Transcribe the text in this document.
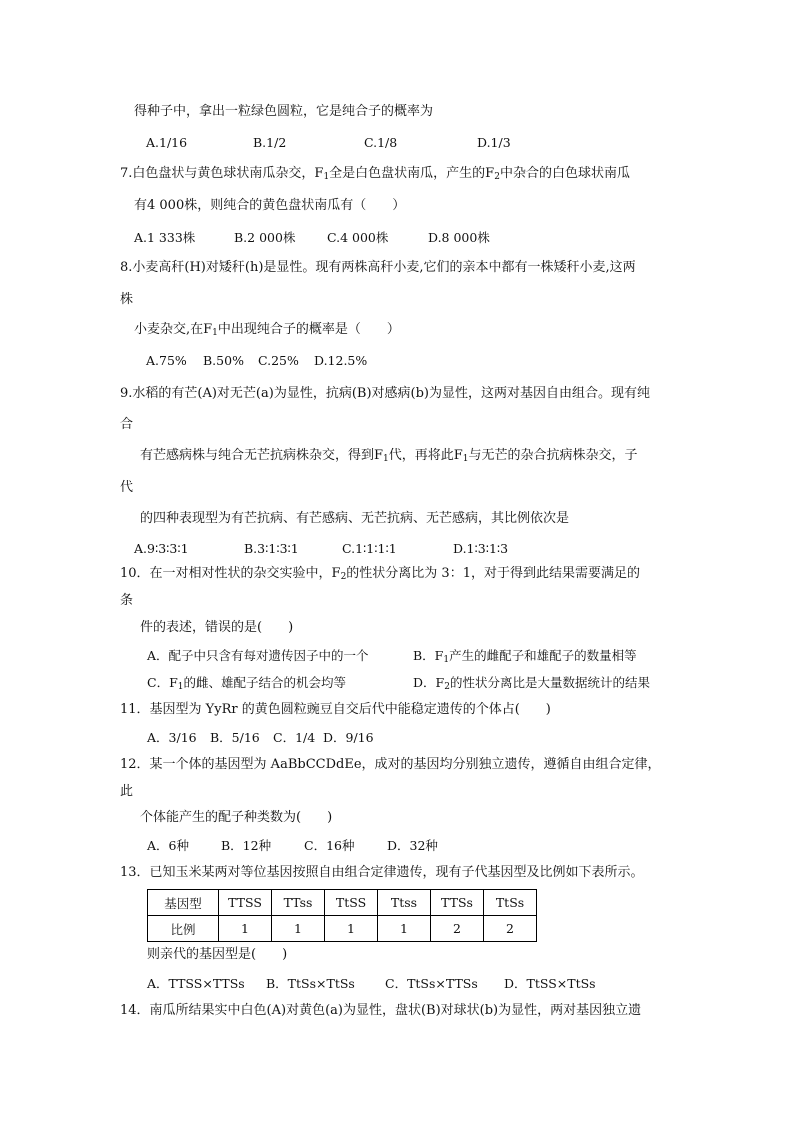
得种子中，拿出一粒绿色圆粒，它是纯合子的概率为
A.1/16	B.1/2	C.1/8	D.1/3
7.白色盘状与黄色球状南瓜杂交，$F_1$全是白色盘状南瓜，产生的$F_2$中杂合的白色球状南瓜
有4 000株，则纯合的黄色盘状南瓜有（　　）
A.1 333株	B.2 000株	C.4 000株	D.8 000株
8.小麦高秆(H)对矮秆(h)是显性。现有两株高秆小麦,它们的亲本中都有一株矮秆小麦,这两
株
小麦杂交,在$F_1$中出现纯合子的概率是（　　）
A.75% B.50% C.25% D.12.5%
9.水稻的有芒(A)对无芒(a)为显性，抗病(B)对感病(b)为显性，这两对基因自由组合。现有纯
合
有芒感病株与纯合无芒抗病株杂交，得到$F_1$代，再将此$F_1$与无芒的杂合抗病株杂交，子
代
的四种表现型为有芒抗病、有芒感病、无芒抗病、无芒感病，其比例依次是
A.9∶3∶3∶1	B.3∶1∶3∶1	C.1∶1∶1∶1	D.1∶3∶1∶3
10．在一对相对性状的杂交实验中，$F_2$的性状分离比为 3：1，对于得到此结果需要满足的
条
件的表述，错误的是(　　)
A．配子中只含有每对遗传因子中的一个	B．$F_1$产生的雌配子和雄配子的数量相等
C．$F_1$的雌、雄配子结合的机会均等	D．$F_2$的性状分离比是大量数据统计的结果
11．基因型为 YyRr 的黄色圆粒豌豆自交后代中能稳定遗传的个体占(　　)
A．3/16 B．5/16 C．1/4 D．9/16
12．某一个体的基因型为 AaBbCCDdEe，成对的基因均分别独立遗传，遵循自由组合定律，
此
个体能产生的配子种类数为(　　)
A．6种	B．12种	C．16种	D．32种
13．已知玉米某两对等位基因按照自由组合定律遗传，现有子代基因型及比例如下表所示。
基因型	TTSS	TTss	TtSS	Ttss	TTSs	TtSs
比例	1	1	1	1	2	2
则亲代的基因型是(　　)
A．TTSS×TTSs B．TtSs×TtSs C．TtSs×TTSs D．TtSS×TtSs
14．南瓜所结果实中白色(A)对黄色(a)为显性，盘状(B)对球状(b)为显性，两对基因独立遗
